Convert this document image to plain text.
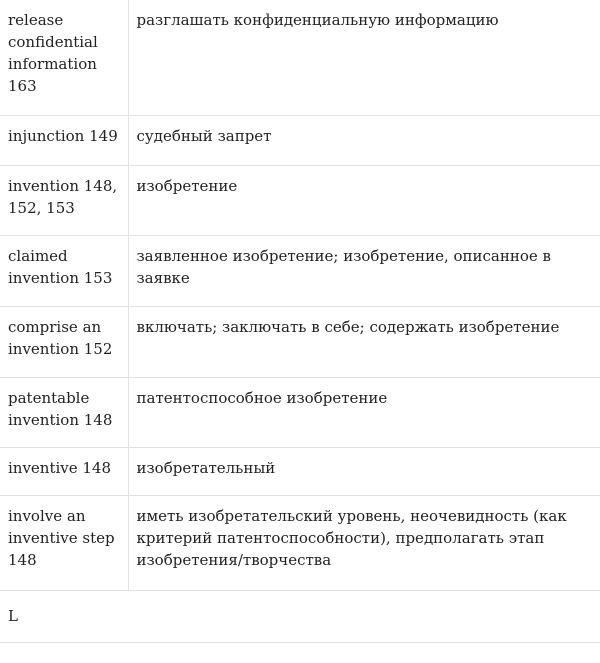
release confidential information 163	разглашать конфиденциальную информацию

injunction 149	судебный запрет

invention 148, 152, 153	изобретение

claimed invention 153	заявленное изобретение; изобретение, описанное в заявке

comprise an invention 152	включать; заключать в себе; содержать изобретение

patentable invention 148	патентоспособное изобретение

inventive 148	изобретательный

involve an inventive step 148	иметь изобретательский уровень, неочевидность (как критерий патентоспособности), предполагать этап изобретения/творчества

L	
